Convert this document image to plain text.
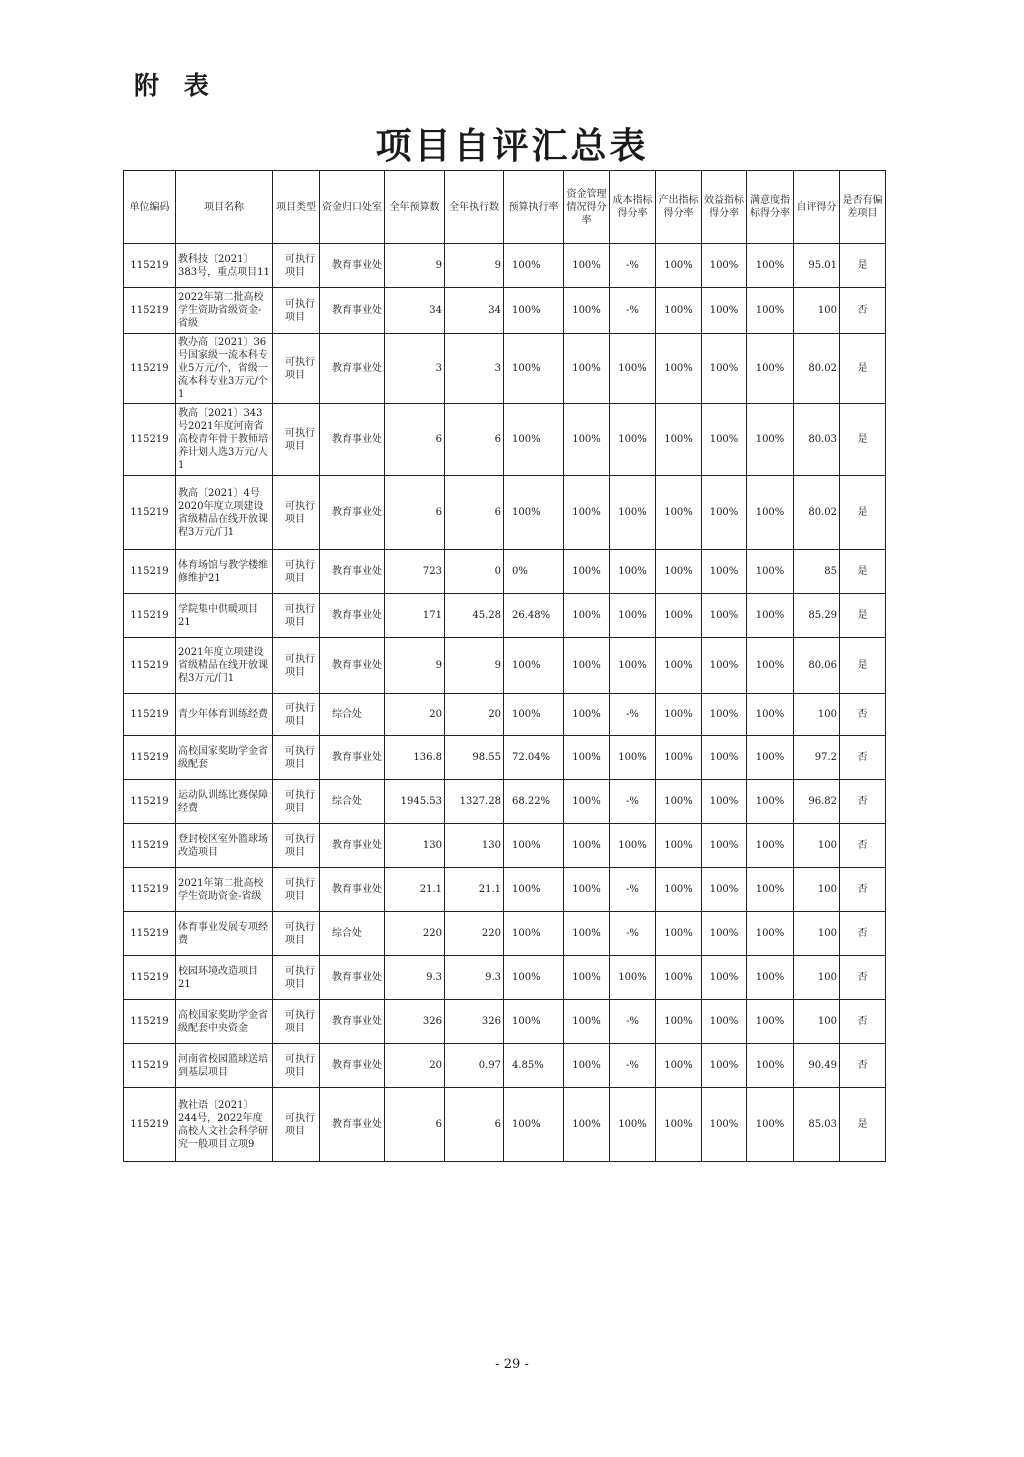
附 表
项目自评汇总表
单位编码	项目名称	项目类型	资金归口处室	全年预算数	全年执行数	预算执行率	资金管理情况得分率	成本指标得分率	产出指标得分率	效益指标得分率	满意度指标得分率	自评得分	是否有偏差项目
115219	教科技〔2021〕383号，重点项目11	可执行项目	教育事业处	9	9	100%	100%	-%	100%	100%	100%	95.01	是
115219	2022年第二批高校学生资助省级资金-省级	可执行项目	教育事业处	34	34	100%	100%	-%	100%	100%	100%	100	否
115219	教办高〔2021〕36号国家级一流本科专业5万元/个，省级一流本科专业3万元/个1	可执行项目	教育事业处	3	3	100%	100%	100%	100%	100%	100%	80.02	是
115219	教高〔2021〕343号2021年度河南省高校青年骨干教师培养计划人选3万元/人1	可执行项目	教育事业处	6	6	100%	100%	100%	100%	100%	100%	80.03	是
115219	教高〔2021〕4号2020年度立项建设省级精品在线开放课程3万元/门1	可执行项目	教育事业处	6	6	100%	100%	100%	100%	100%	100%	80.02	是
115219	体育场馆与教学楼维修维护21	可执行项目	教育事业处	723	0	0%	100%	100%	100%	100%	100%	85	是
115219	学院集中供暖项目21	可执行项目	教育事业处	171	45.28	26.48%	100%	100%	100%	100%	100%	85.29	是
115219	2021年度立项建设省级精品在线开放课程3万元/门1	可执行项目	教育事业处	9	9	100%	100%	100%	100%	100%	100%	80.06	是
115219	青少年体育训练经费	可执行项目	综合处	20	20	100%	100%	-%	100%	100%	100%	100	否
115219	高校国家奖助学金省级配套	可执行项目	教育事业处	136.8	98.55	72.04%	100%	100%	100%	100%	100%	97.2	否
115219	运动队训练比赛保障经费	可执行项目	综合处	1945.53	1327.28	68.22%	100%	-%	100%	100%	100%	96.82	否
115219	登封校区室外篮球场改造项目	可执行项目	教育事业处	130	130	100%	100%	100%	100%	100%	100%	100	否
115219	2021年第二批高校学生资助资金-省级	可执行项目	教育事业处	21.1	21.1	100%	100%	-%	100%	100%	100%	100	否
115219	体育事业发展专项经费	可执行项目	综合处	220	220	100%	100%	-%	100%	100%	100%	100	否
115219	校园环境改造项目21	可执行项目	教育事业处	9.3	9.3	100%	100%	100%	100%	100%	100%	100	否
115219	高校国家奖助学金省级配套中央资金	可执行项目	教育事业处	326	326	100%	100%	-%	100%	100%	100%	100	否
115219	河南省校园篮球送培到基层项目	可执行项目	教育事业处	20	0.97	4.85%	100%	-%	100%	100%	100%	90.49	否
115219	教社语〔2021〕244号，2022年度高校人文社会科学研究一般项目立项9	可执行项目	教育事业处	6	6	100%	100%	100%	100%	100%	100%	85.03	是
- 29 -
